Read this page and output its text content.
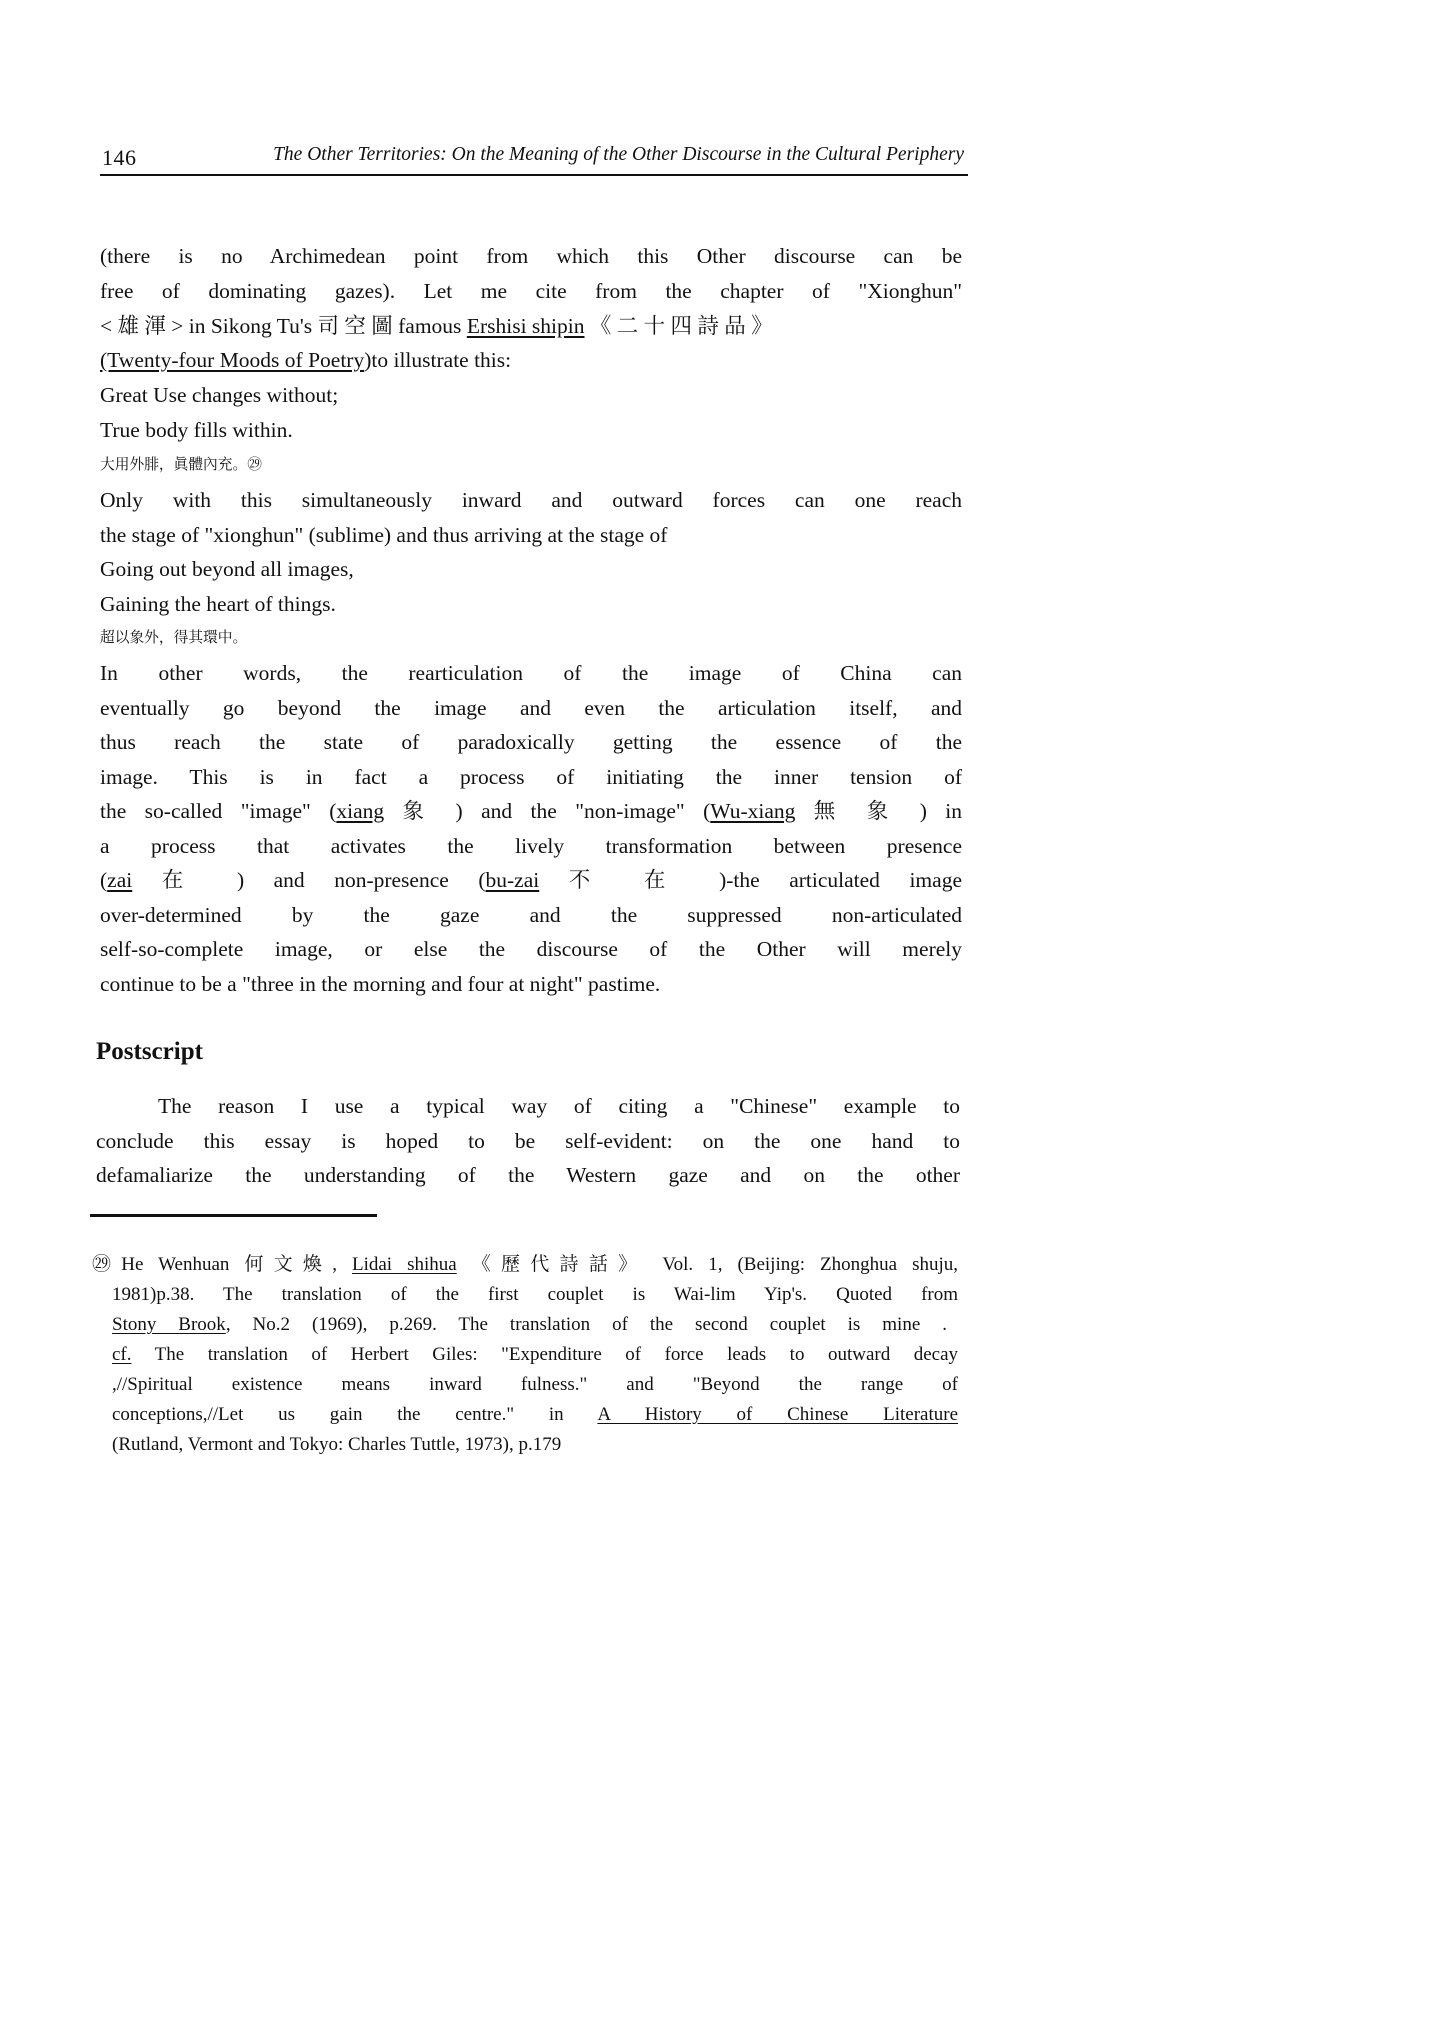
146	The Other Territories: On the Meaning of the Other Discourse in the Cultural Periphery
(there is no Archimedean point from which this Other discourse can be
free of dominating gazes). Let me cite from the chapter of "Xionghun"
< 雄 渾 > in Sikong Tu's 司 空 圖 famous Ershisi shipin 《 二 十 四 詩 品 》
(Twenty-four Moods of Poetry)to illustrate this:
Great Use changes without;
True body fills within.
大用外腓，眞體內充。㉙
Only with this simultaneously inward and outward forces can one reach
the stage of "xionghun" (sublime) and thus arriving at the stage of
Going out beyond all images,
Gaining the heart of things.
超以象外，得其環中。
In other words, the rearticulation of the image of China can
eventually go beyond the image and even the articulation itself, and
thus reach the state of paradoxically getting the essence of the
image. This is in fact a process of initiating the inner tension of
the so-called "image" (xiang 象 ) and the "non-image" (Wu-xiang 無 象 ) in
a process that activates the lively transformation between presence
(zai 在 ) and non-presence (bu-zai 不 在 )-the articulated image
over-determined by the gaze and the suppressed non-articulated
self-so-complete image, or else the discourse of the Other will merely
continue to be a "three in the morning and four at night" pastime.
Postscript
The reason I use a typical way of citing a "Chinese" example to
conclude this essay is hoped to be self-evident: on the one hand to
defamaliarize the understanding of the Western gaze and on the other
㉙He Wenhuan 何文煥, Lidai shihua 《歷代詩話》 Vol. 1, (Beijing: Zhonghua shuju,
1981)p.38. The translation of the first couplet is Wai-lim Yip's. Quoted from
Stony Brook, No.2 (1969), p.269. The translation of the second couplet is mine .
cf. The translation of Herbert Giles: "Expenditure of force leads to outward decay
,//Spiritual existence means inward fulness." and "Beyond the range of
conceptions,//Let us gain the centre." in A History of Chinese Literature
(Rutland, Vermont and Tokyo: Charles Tuttle, 1973), p.179
